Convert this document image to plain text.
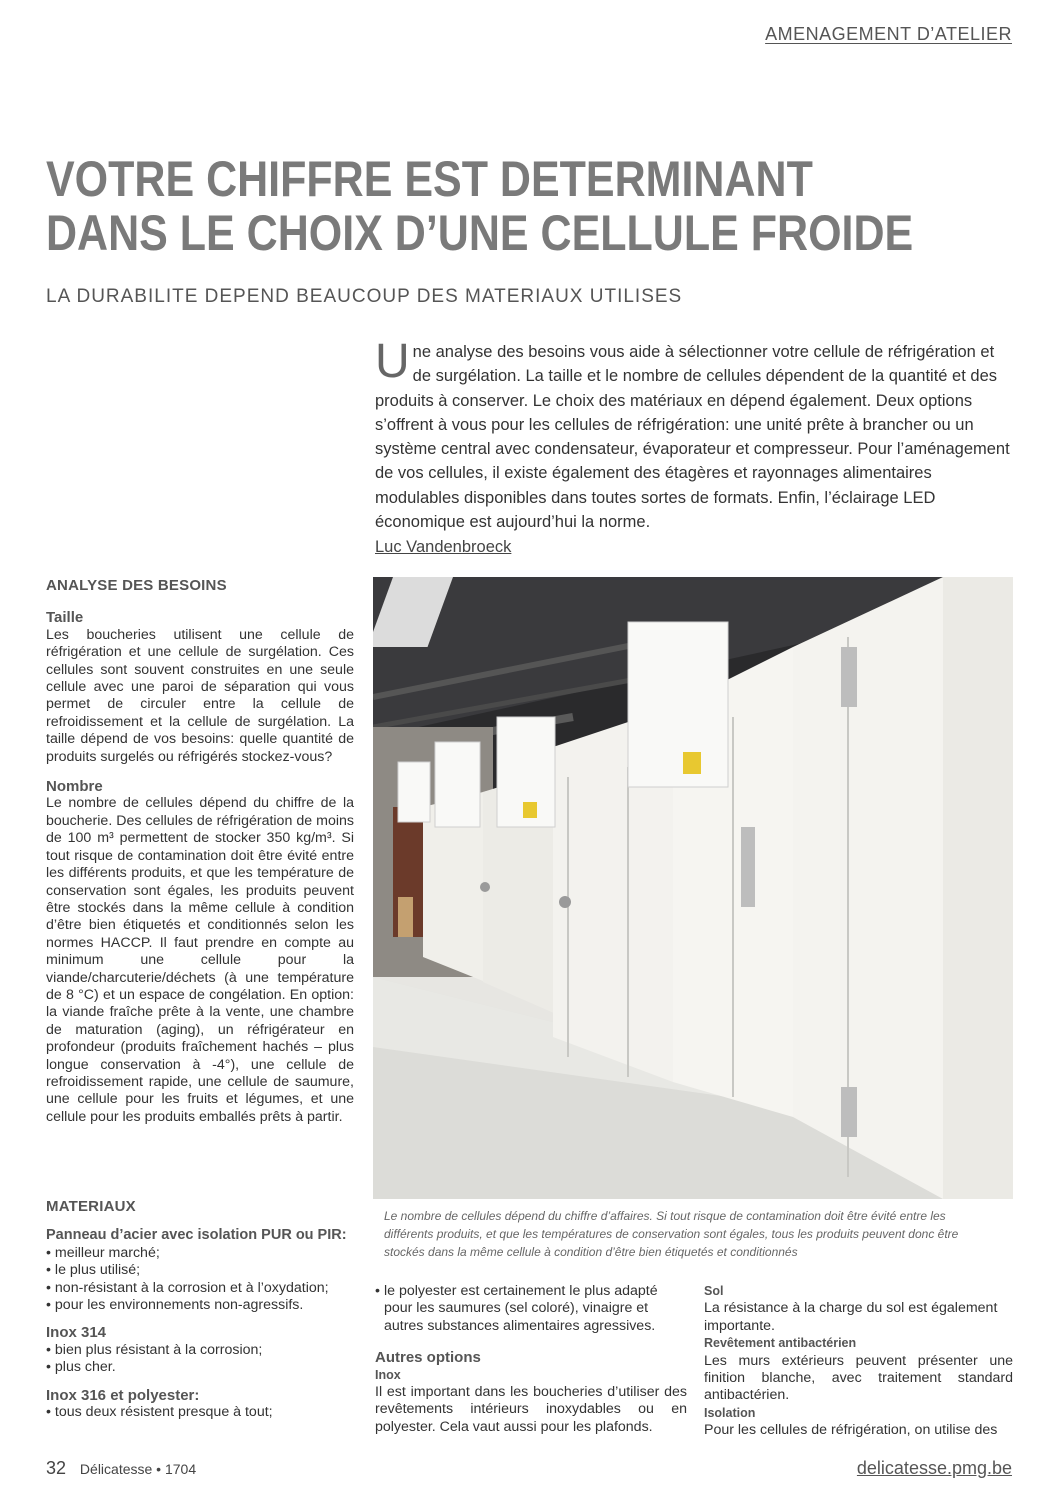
AMENAGEMENT D’ATELIER
VOTRE CHIFFRE EST DETERMINANT
DANS LE CHOIX D’UNE CELLULE FROIDE
LA DURABILITE DEPEND BEAUCOUP DES MATERIAUX UTILISES

Une analyse des besoins vous aide à sélectionner votre cellule de réfrigération et de surgélation. La taille et le nombre de cellules dépendent de la quantité et des produits à conserver. Le choix des matériaux en dépend également. Deux options s’offrent à vous pour les cellules de réfrigération: une unité prête à brancher ou un système central avec condensateur, évaporateur et compresseur. Pour l’aménagement de vos cellules, il existe également des étagères et rayonnages alimentaires modulables disponibles dans toutes sortes de formats. Enfin, l’éclairage LED économique est aujourd’hui la norme.

Luc Vandenbroeck
ANALYSE DES BESOINS
Taille

Les boucheries utilisent une cellule de réfrigération et une cellule de surgélation. Ces cellules sont souvent construites en une seule cellule avec une paroi de séparation qui vous permet de circuler entre la cellule de refroidissement et la cellule de surgélation. La taille dépend de vos besoins: quelle quantité de produits surgelés ou réfrigérés stockez-vous?

Nombre

Le nombre de cellules dépend du chiffre de la boucherie. Des cellules de réfrigération de moins de 100 m³ permettent de stocker 350 kg/m³. Si tout risque de contamination doit être évité entre les différents produits, et que les température de conservation sont égales, les produits peuvent être stockés dans la même cellule à condition d’être bien étiquetés et conditionnés selon les normes HACCP. Il faut prendre en compte au minimum une cellule pour la viande/charcuterie/déchets (à une température de 8 °C) et un espace de congélation. En option: la viande fraîche prête à la vente, une chambre de maturation (aging), un réfrigérateur en profondeur (produits fraîchement hachés – plus longue conservation à -4°), une cellule de refroidissement rapide, une cellule de saumure, une cellule pour les fruits et légumes, et une cellule pour les produits emballés prêts à partir.

MATERIAUX
Panneau d’acier avec isolation PUR ou PIR:
• meilleur marché;
• le plus utilisé;
• non-résistant à la corrosion et à l’oxydation;
• pour les environnements non-agressifs.
Inox 314
• bien plus résistant à la corrosion;
• plus cher.
Inox 316 et polyester:
• tous deux résistent presque à tout;

Le nombre de cellules dépend du chiffre d’affaires. Si tout risque de contamination doit être évité entre les différents produits, et que les températures de conservation sont égales, tous les produits peuvent donc être stockés dans la même cellule à condition d’être bien étiquetés et conditionnés

• le polyester est certainement le plus adapté pour les saumures (sel coloré), vinaigre et autres substances alimentaires agressives.
Autres options
Inox

Il est important dans les boucheries d’utiliser des revêtements intérieurs inoxydables ou en polyester. Cela vaut aussi pour les plafonds.

Sol

La résistance à la charge du sol est également importante.

Revêtement antibactérien

Les murs extérieurs peuvent présenter une finition blanche, avec traitement standard antibactérien.

Isolation

Pour les cellules de réfrigération, on utilise des

32 Délicatesse • 1704	delicatesse.pmg.be
